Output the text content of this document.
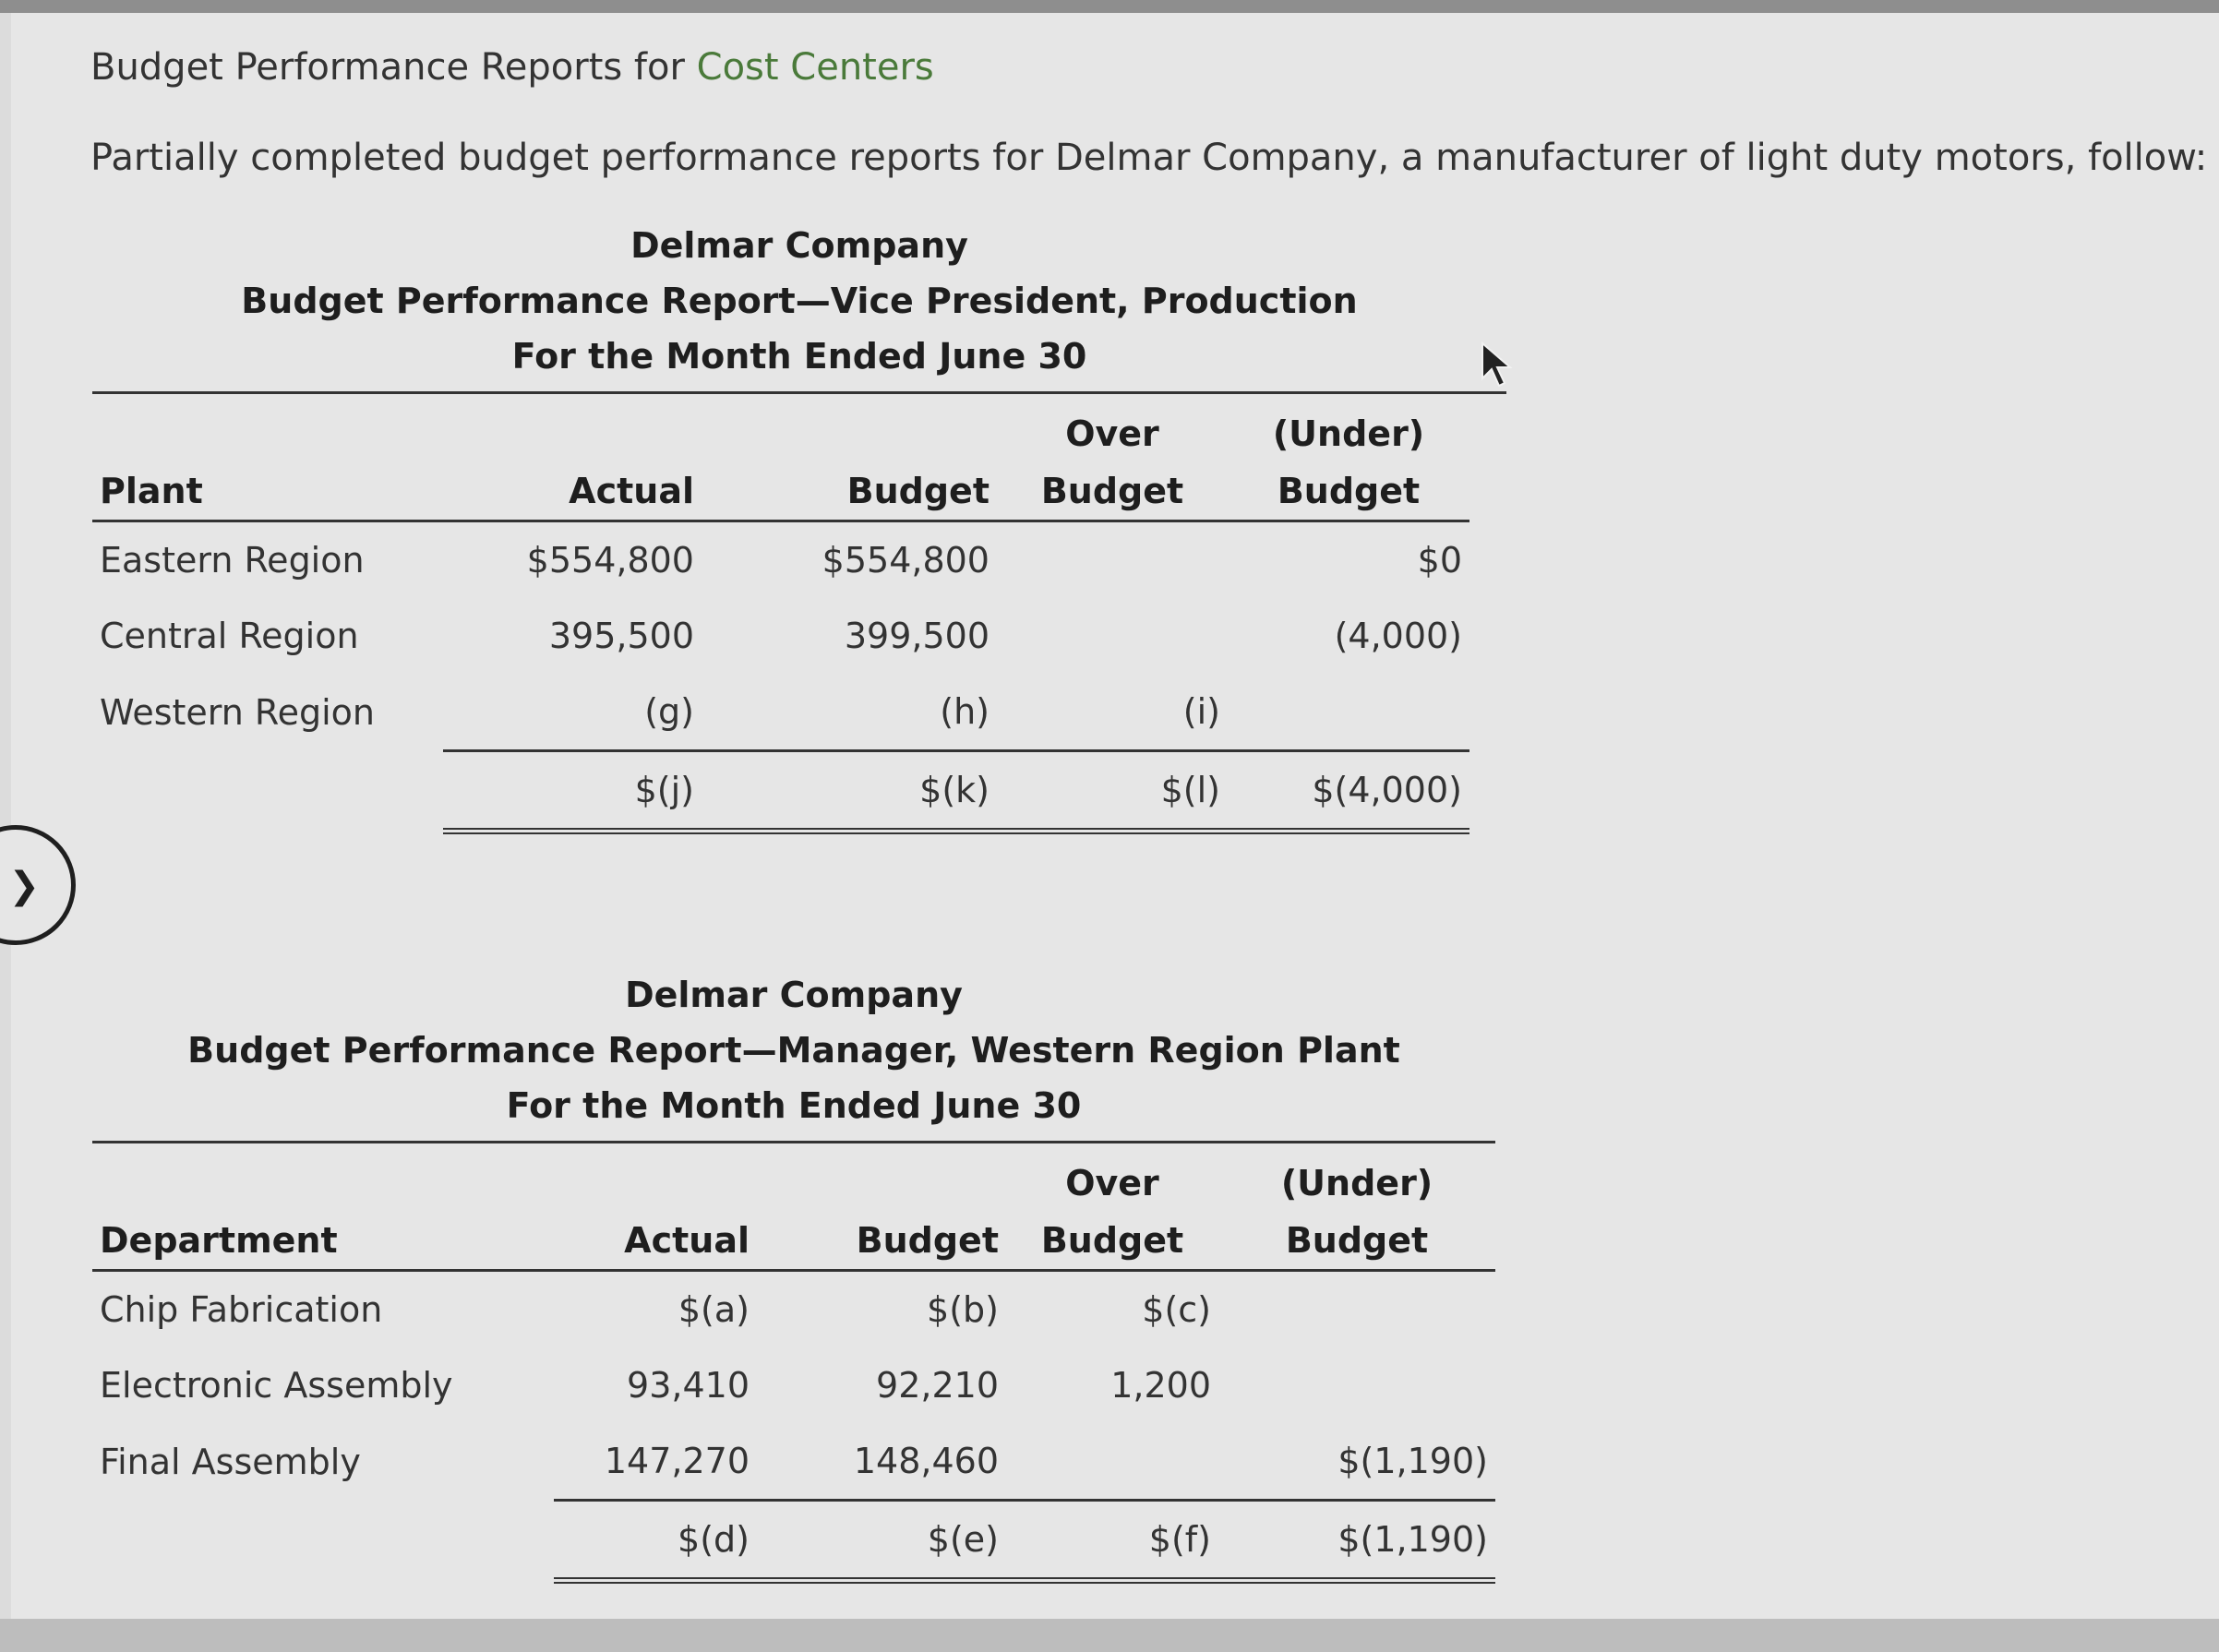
Budget Performance Reports for Cost Centers
Partially completed budget performance reports for Delmar Company, a manufacturer of light duty motors, follow:
Delmar Company
Budget Performance Report—Vice President, Production
For the Month Ended June 30
Plant	Actual	Budget	Over	(Under)
			Budget	Budget
Eastern Region	$554,800	$554,800		$0
Central Region	395,500	399,500		(4,000)
Western Region	(g)	(h)	(i)	
	$(j)	$(k)	$(l)	$(4,000)
Delmar Company
Budget Performance Report—Manager, Western Region Plant
For the Month Ended June 30
Department	Actual	Budget	Over	(Under)
			Budget	Budget
Chip Fabrication	$(a)	$(b)	$(c)	
Electronic Assembly	93,410	92,210	1,200	
Final Assembly	147,270	148,460		$(1,190)
	$(d)	$(e)	$(f)	$(1,190)
❯
